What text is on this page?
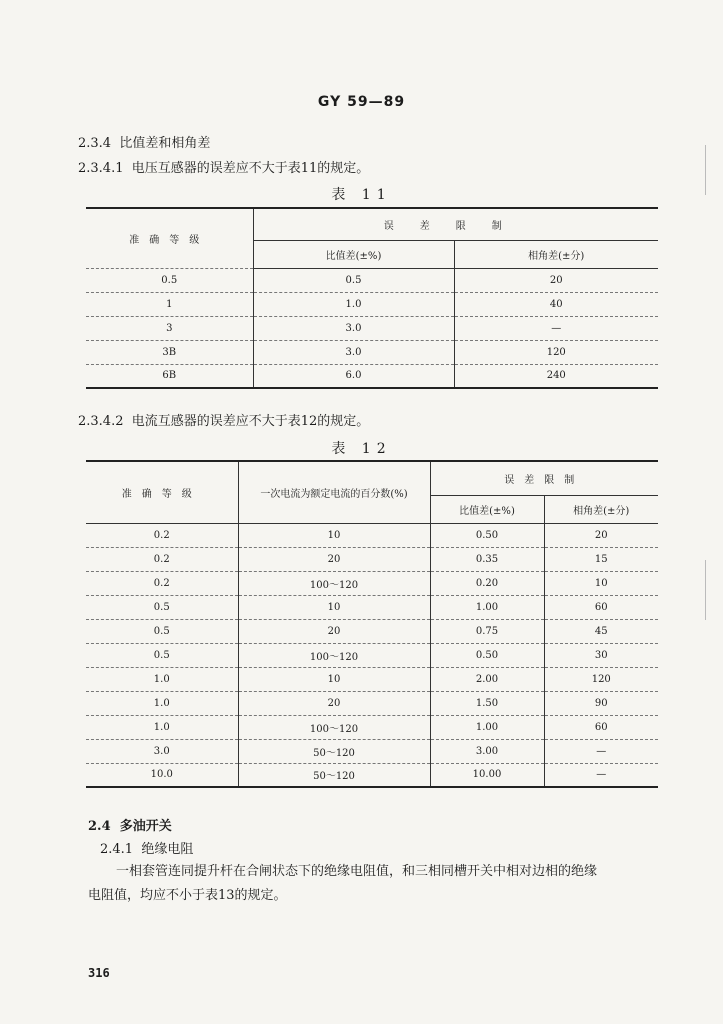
GY 59—89
2.3.4 比值差和相角差
2.3.4.1 电压互感器的误差应不大于表11的规定。
表 11
准确等级	误差限制	
	比值差(±%)	相角差(±分)
0.5	0.5	20
1	1.0	40
3	3.0	—
3B	3.0	120
6B	6.0	240
2.3.4.2 电流互感器的误差应不大于表12的规定。
表 12
准确等级	一次电流为额定电流的百分数(%)	误差限制	
		比值差(±%)	相角差(±分)
0.2	10	0.50	20
0.2	20	0.35	15
0.2	100～120	0.20	10
0.5	10	1.00	60
0.5	20	0.75	45
0.5	100～120	0.50	30
1.0	10	2.00	120
1.0	20	1.50	90
1.0	100～120	1.00	60
3.0	50～120	3.00	—
10.0	50～120	10.00	—
2.4 多油开关
2.4.1 绝缘电阻
一相套管连同提升杆在合闸状态下的绝缘电阻值，和三相同槽开关中相对边相的绝缘
电阻值，均应不小于表13的规定。
316
